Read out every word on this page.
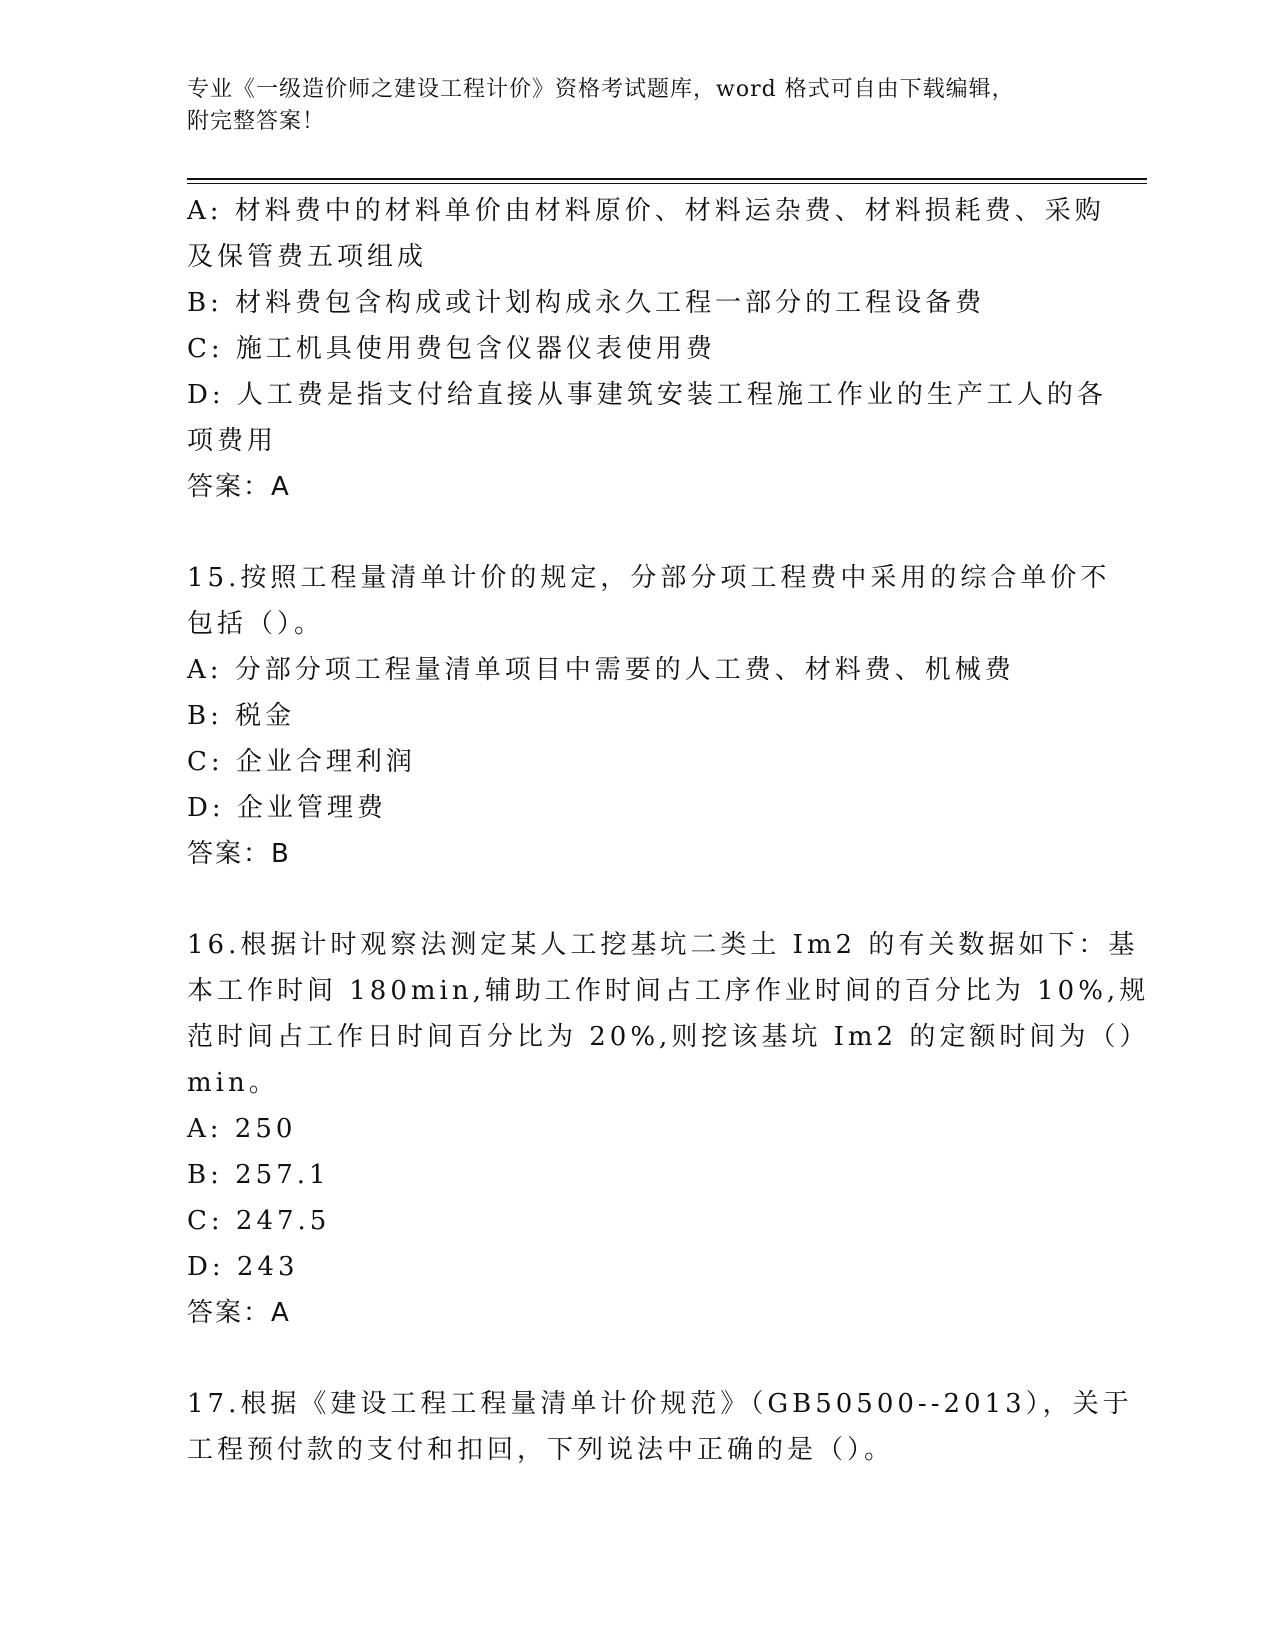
专业《一级造价师之建设工程计价》资格考试题库，word 格式可自由下载编辑，
附完整答案！
A: 材料费中的材料单价由材料原价、材料运杂费、材料损耗费、采购
及保管费五项组成
B: 材料费包含构成或计划构成永久工程一部分的工程设备费
C: 施工机具使用费包含仪器仪表使用费
D: 人工费是指支付给直接从事建筑安装工程施工作业的生产工人的各
项费用
答案：A
15.按照工程量清单计价的规定，分部分项工程费中采用的综合单价不
包括（）。
A: 分部分项工程量清单项目中需要的人工费、材料费、机械费
B: 税金
C: 企业合理利润
D: 企业管理费
答案：B
16.根据计时观察法测定某人工挖基坑二类土 Im2 的有关数据如下：基
本工作时间 180min,辅助工作时间占工序作业时间的百分比为 10%,规
范时间占工作日时间百分比为 20%,则挖该基坑 Im2 的定额时间为（）
min。
A: 250
B: 257.1
C: 247.5
D: 243
答案：A
17.根据《建设工程工程量清单计价规范》（GB50500--2013），关于
工程预付款的支付和扣回，下列说法中正确的是（）。
